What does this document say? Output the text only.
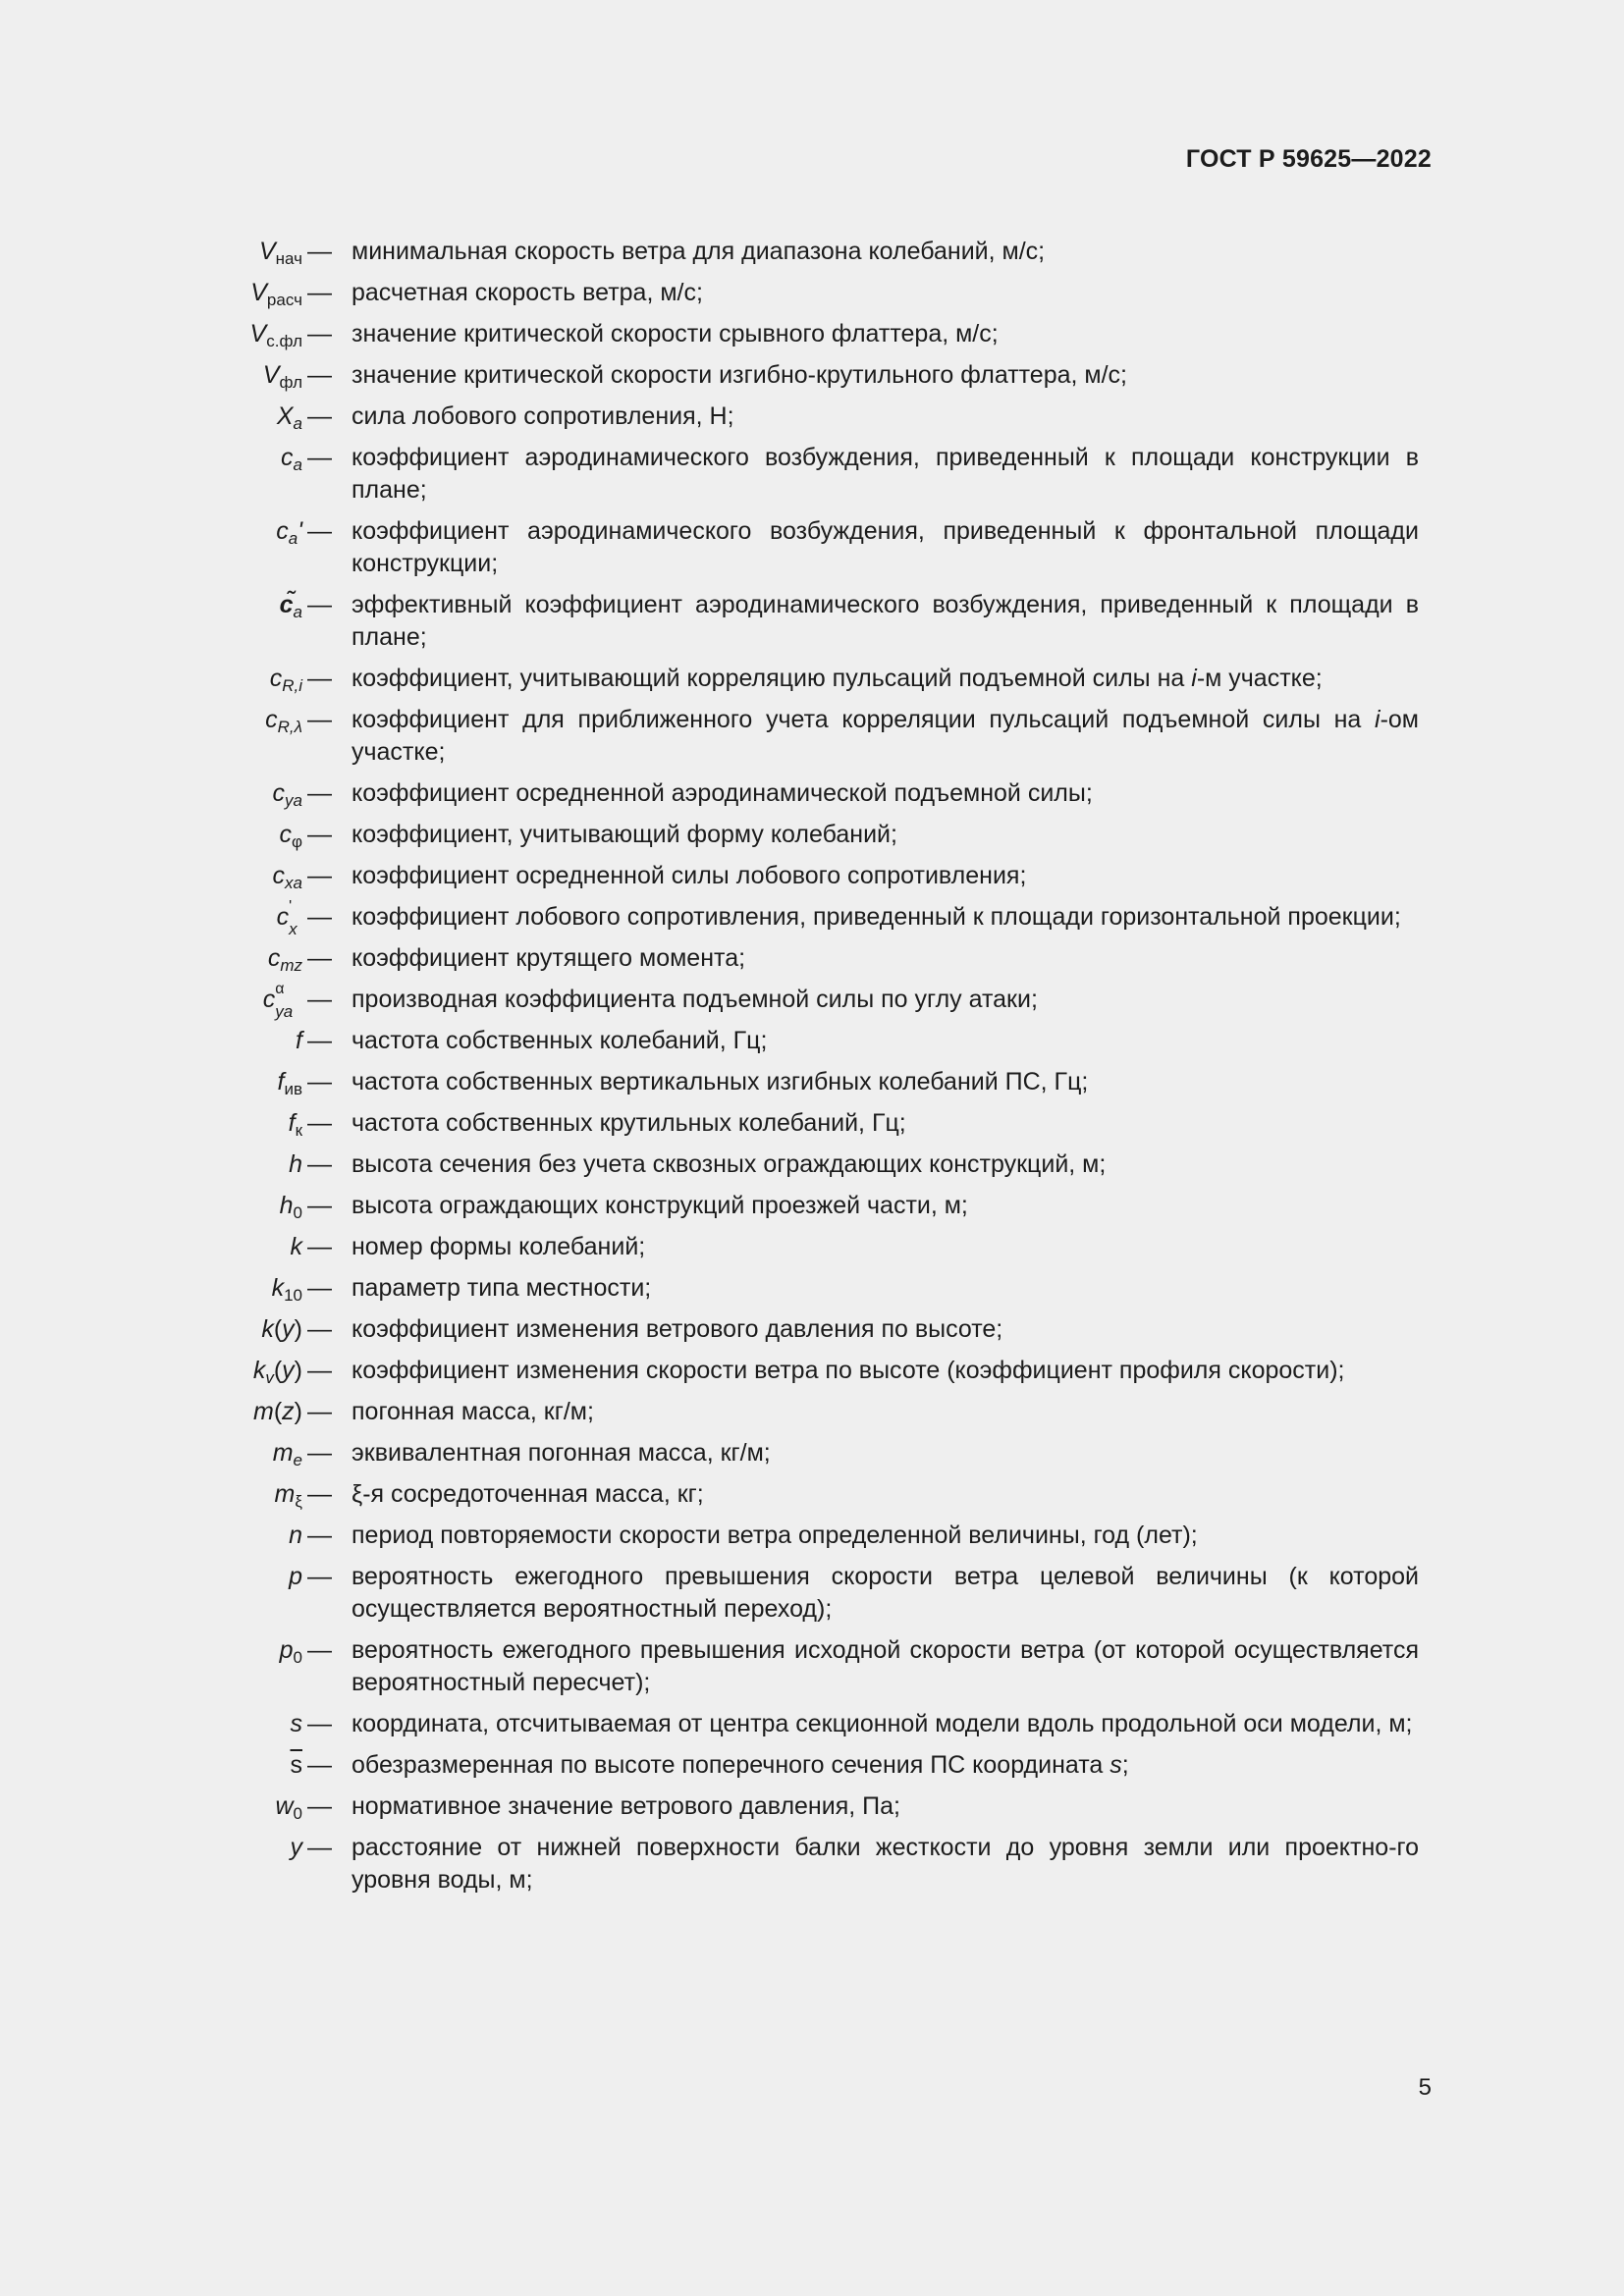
ГОСТ Р 59625—2022
$V_{нач}$ — минимальная скорость ветра для диапазона колебаний, м/с;
$V_{расч}$ — расчетная скорость ветра, м/с;
$V_{с.фл}$ — значение критической скорости срывного флаттера, м/с;
$V_{фл}$ — значение критической скорости изгибно-крутильного флаттера, м/с;
$X_a$ — сила лобового сопротивления, Н;
$c_a$ — коэффициент аэродинамического возбуждения, приведенный к площади конструкции в плане;
$c_a'$ — коэффициент аэродинамического возбуждения, приведенный к фронтальной площади конструкции;
$c̃_a$ — эффективный коэффициент аэродинамического возбуждения, приведенный к площади в плане;
$c_{R,i}$ — коэффициент, учитывающий корреляцию пульсаций подъемной силы на i-м участке;
$c_{R,\lambda}$ — коэффициент для приближенного учета корреляции пульсаций подъемной силы на i-ом участке;
$c_{ya}$ — коэффициент осредненной аэродинамической подъемной силы;
$c_\varphi$ — коэффициент, учитывающий форму колебаний;
$c_{xa}$ — коэффициент осредненной силы лобового сопротивления;
c '
x
— коэффициент лобового сопротивления, приведенный к площади горизонтальной проекции;
$c_{mz}$ — коэффициент крутящего момента;
c α
ya
— производная коэффициента подъемной силы по углу атаки;
f — частота собственных колебаний, Гц;
$f_{ив}$ — частота собственных вертикальных изгибных колебаний ПС, Гц;
$f_к$ — частота собственных крутильных колебаний, Гц;
h — высота сечения без учета сквозных ограждающих конструкций, м;
$h_0$ — высота ограждающих конструкций проезжей части, м;
k — номер формы колебаний;
$k_{10}$ — параметр типа местности;
k(y) — коэффициент изменения ветрового давления по высоте;
$k_v(y)$ — коэффициент изменения скорости ветра по высоте (коэффициент профиля скорости);
m(z) — погонная масса, кг/м;
$m_e$ — эквивалентная погонная масса, кг/м;
$m_\xi$ — ξ-я сосредоточенная масса, кг;
n — период повторяемости скорости ветра определенной величины, год (лет);
p — вероятность ежегодного превышения скорости ветра целевой величины (к которой осуществляется вероятностный переход);
$p_0$ — вероятность ежегодного превышения исходной скорости ветра (от которой осуществляется вероятностный пересчет);
s — координата, отсчитываемая от центра секционной модели вдоль продольной оси модели, м;
$\overline{s}$ — обезразмеренная по высоте поперечного сечения ПС координата s;
$w_0$ — нормативное значение ветрового давления, Па;
y — расстояние от нижней поверхности балки жесткости до уровня земли или проектно-го уровня воды, м;
5
